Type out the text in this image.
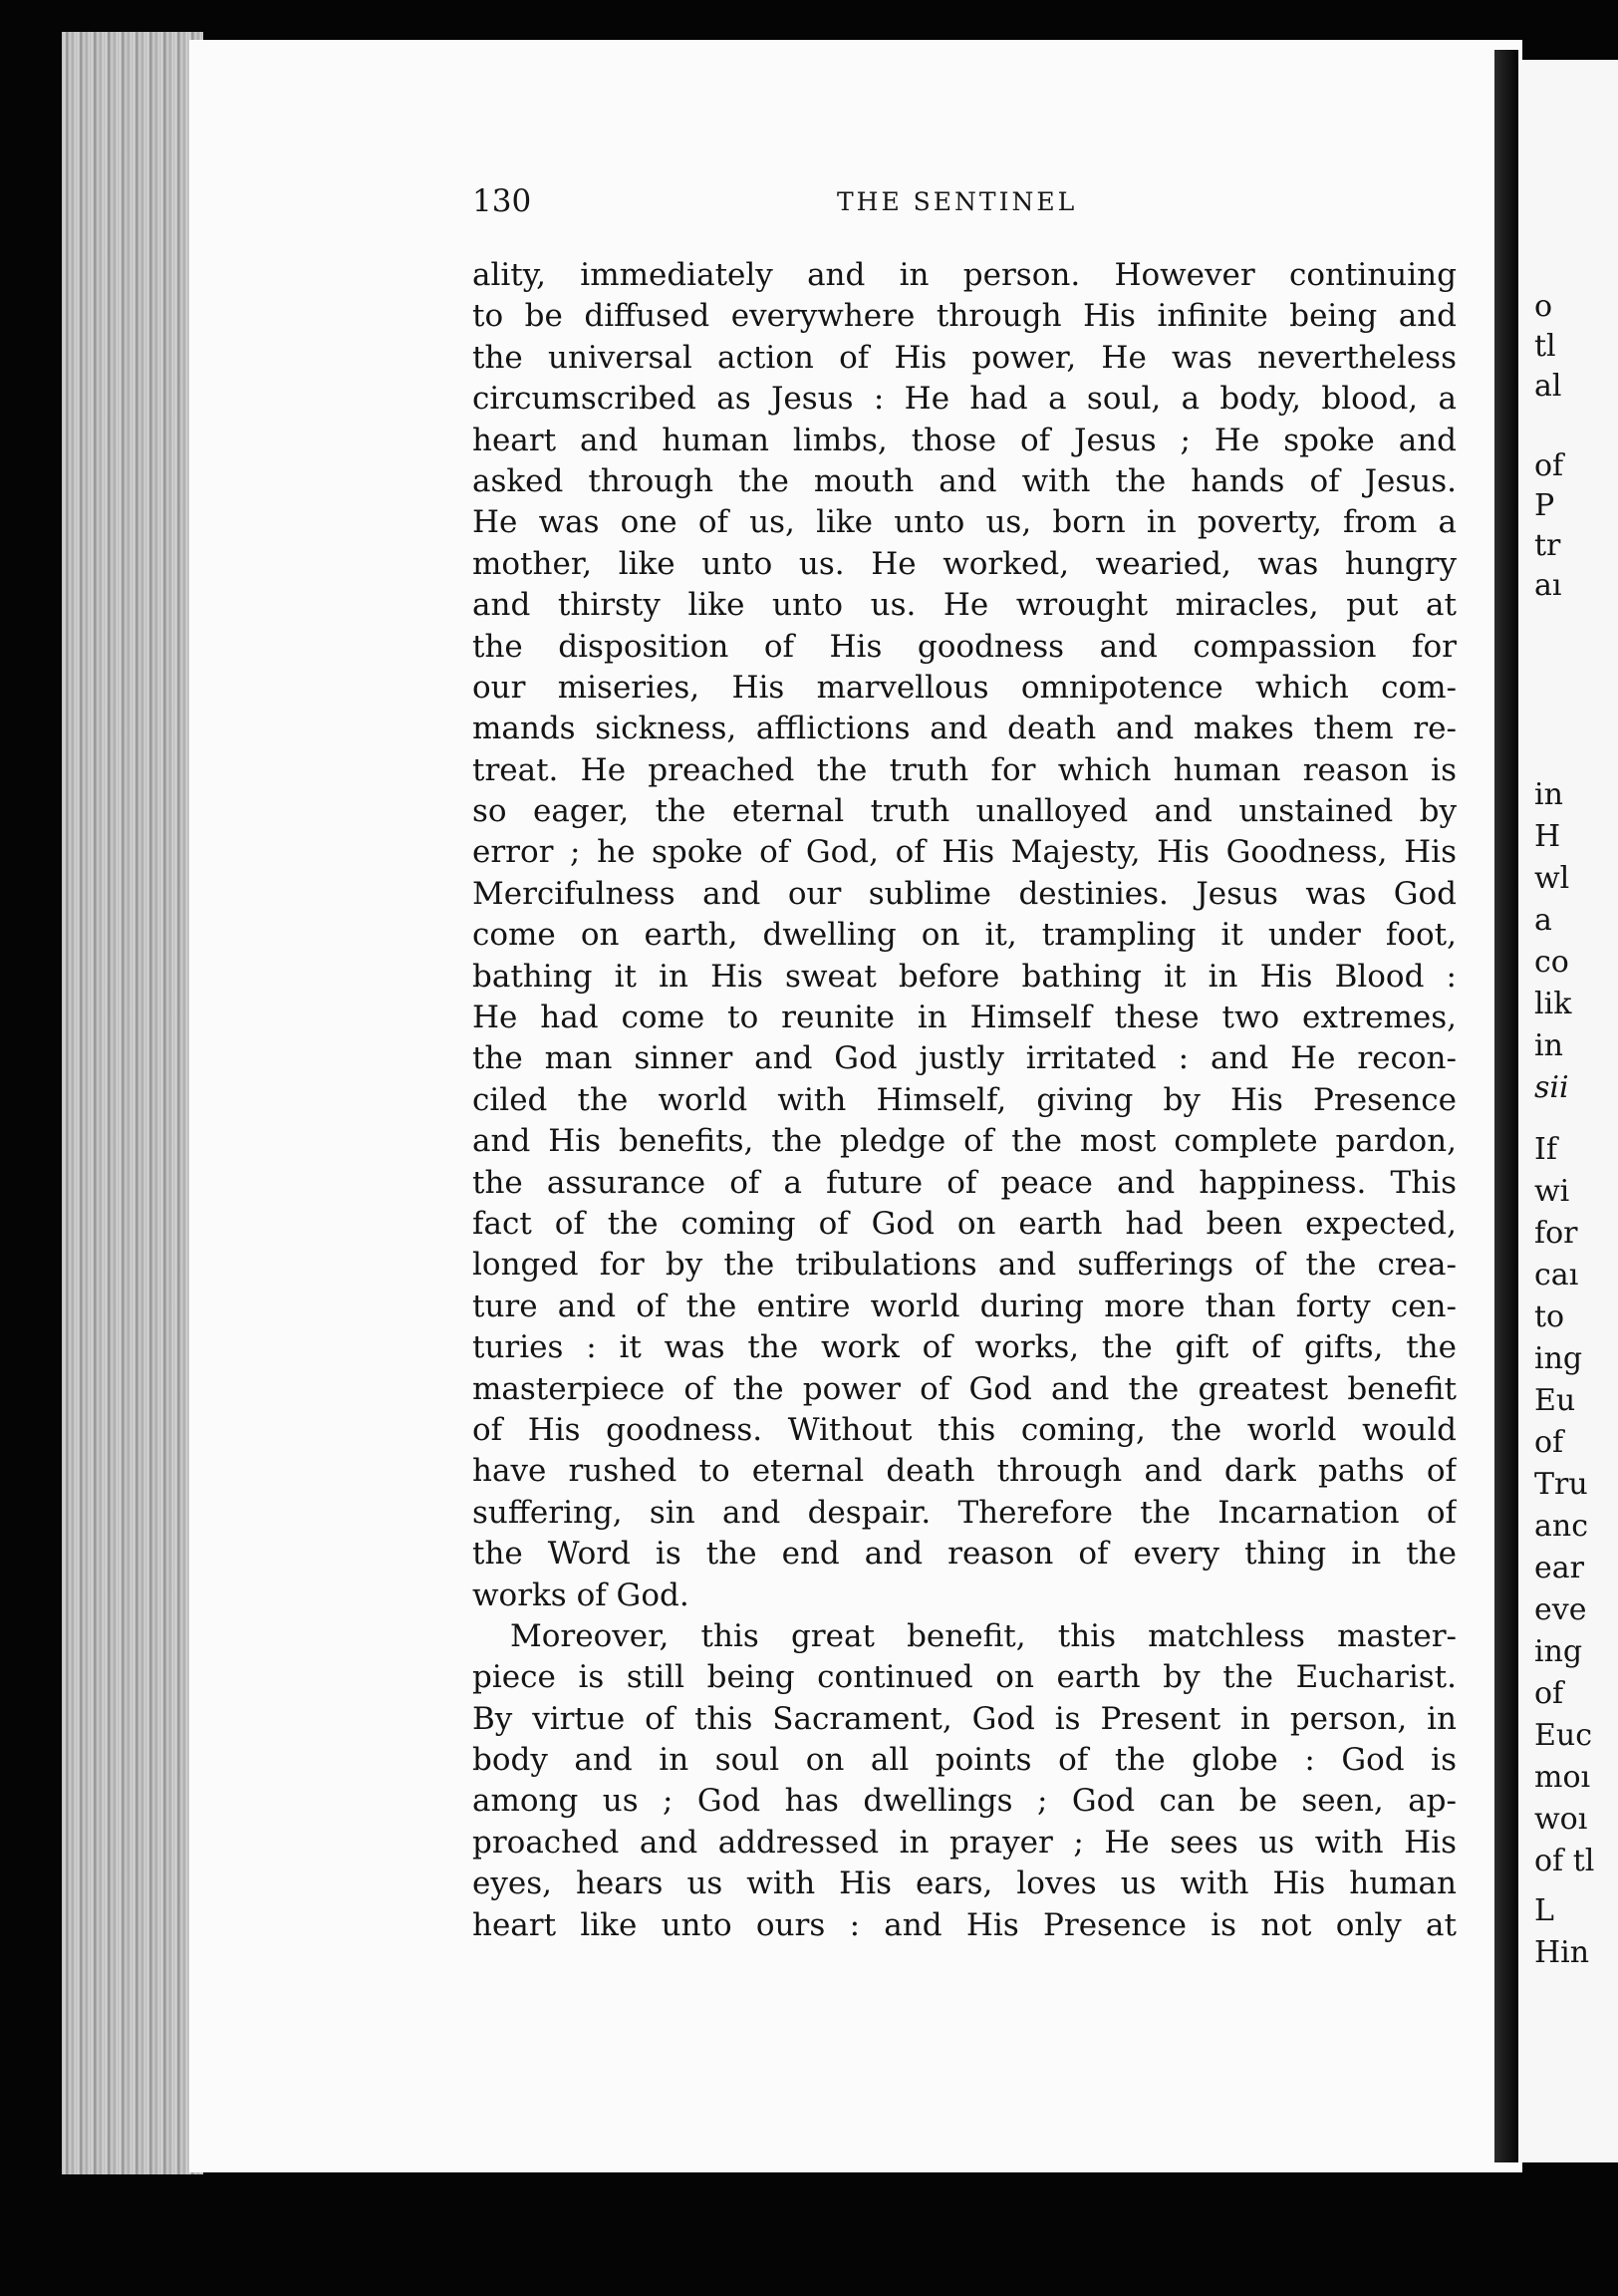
o
tl
al
of
P
tr
aı
in
H
wl
a
co
lik
in
sii
If
wi
for
caı
to
ing
Eu
of
Tru
anc
ear
eve
ing
of
Euc
moı
woı
of tl
L
Hin
130	THE SENTINEL
ality, immediately and in person. However continuing
to be diffused everywhere through His infinite being and
the universal action of His power, He was nevertheless
circumscribed as Jesus : He had a soul, a body, blood, a
heart and human limbs, those of Jesus ; He spoke and
asked through the mouth and with the hands of Jesus.
He was one of us, like unto us, born in poverty, from a
mother, like unto us. He worked, wearied, was hungry
and thirsty like unto us. He wrought miracles, put at
the disposition of His goodness and compassion for
our miseries, His marvellous omnipotence which com-
mands sickness, afflictions and death and makes them re-
treat. He preached the truth for which human reason is
so eager, the eternal truth unalloyed and unstained by
error ; he spoke of God, of His Majesty, His Goodness, His
Mercifulness and our sublime destinies. Jesus was God
come on earth, dwelling on it, trampling it under foot,
bathing it in His sweat before bathing it in His Blood :
He had come to reunite in Himself these two extremes,
the man sinner and God justly irritated : and He recon-
ciled the world with Himself, giving by His Presence
and His benefits, the pledge of the most complete pardon,
the assurance of a future of peace and happiness. This
fact of the coming of God on earth had been expected,
longed for by the tribulations and sufferings of the crea-
ture and of the entire world during more than forty cen-
turies : it was the work of works, the gift of gifts, the
masterpiece of the power of God and the greatest benefit
of His goodness. Without this coming, the world would
have rushed to eternal death through and dark paths of
suffering, sin and despair. Therefore the Incarnation of
the Word is the end and reason of every thing in the
works of God.
Moreover, this great benefit, this matchless master-
piece is still being continued on earth by the Eucharist.
By virtue of this Sacrament, God is Present in person, in
body and in soul on all points of the globe : God is
among us ; God has dwellings ; God can be seen, ap-
proached and addressed in prayer ; He sees us with His
eyes, hears us with His ears, loves us with His human
heart like unto ours : and His Presence is not only at
